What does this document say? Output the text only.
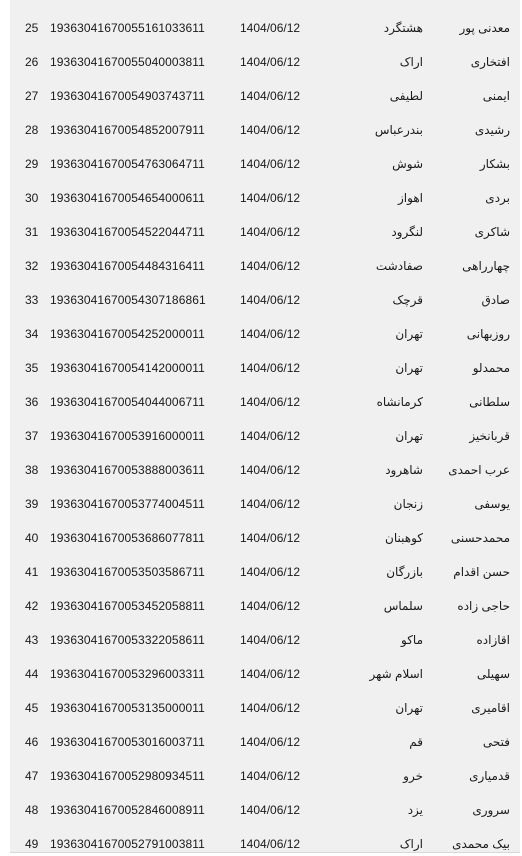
25 19363041670055161033611	1404/06/12	هشتگرد	معدنی پور
26 19363041670055040003811	1404/06/12	اراک	افتخاری
27 19363041670054903743711	1404/06/12	لطیفی	ایمنی
28 19363041670054852007911	1404/06/12	بندرعباس	رشیدی
29 19363041670054763064711	1404/06/12	شوش	بشکار
30 19363041670054654000611	1404/06/12	اهواز	بردی
31 19363041670054522044711	1404/06/12	لنگرود	شاکری
32 19363041670054484316411	1404/06/12	صفادشت	چهارراهی
33 19363041670054307186861	1404/06/12	قرچک	صادق
34 19363041670054252000011	1404/06/12	تهران	روزبهانی
35 19363041670054142000011	1404/06/12	تهران	محمدلو
36 19363041670054044006711	1404/06/12	کرمانشاه	سلطانی
37 19363041670053916000011	1404/06/12	تهران	قربانخیز
38 19363041670053888003611	1404/06/12	شاهرود	عرب احمدی
39 19363041670053774004511	1404/06/12	زنجان	یوسفی
40 19363041670053686077811	1404/06/12	کوهبنان	محمدحسنی
41 19363041670053503586711	1404/06/12	بازرگان	حسن اقدام
42 19363041670053452058811	1404/06/12	سلماس	حاجی زاده
43 19363041670053322058611	1404/06/12	ماکو	اقازاده
44 19363041670053296003311	1404/06/12	اسلام شهر	سهیلی
45 19363041670053135000011	1404/06/12	تهران	اقامیری
46 19363041670053016003711	1404/06/12	قم	فتحی
47 19363041670052980934511	1404/06/12	خرو	قدمیاری
48 19363041670052846008911	1404/06/12	یزد	سروری
49 19363041670052791003811	1404/06/12	اراک	بیک محمدی
